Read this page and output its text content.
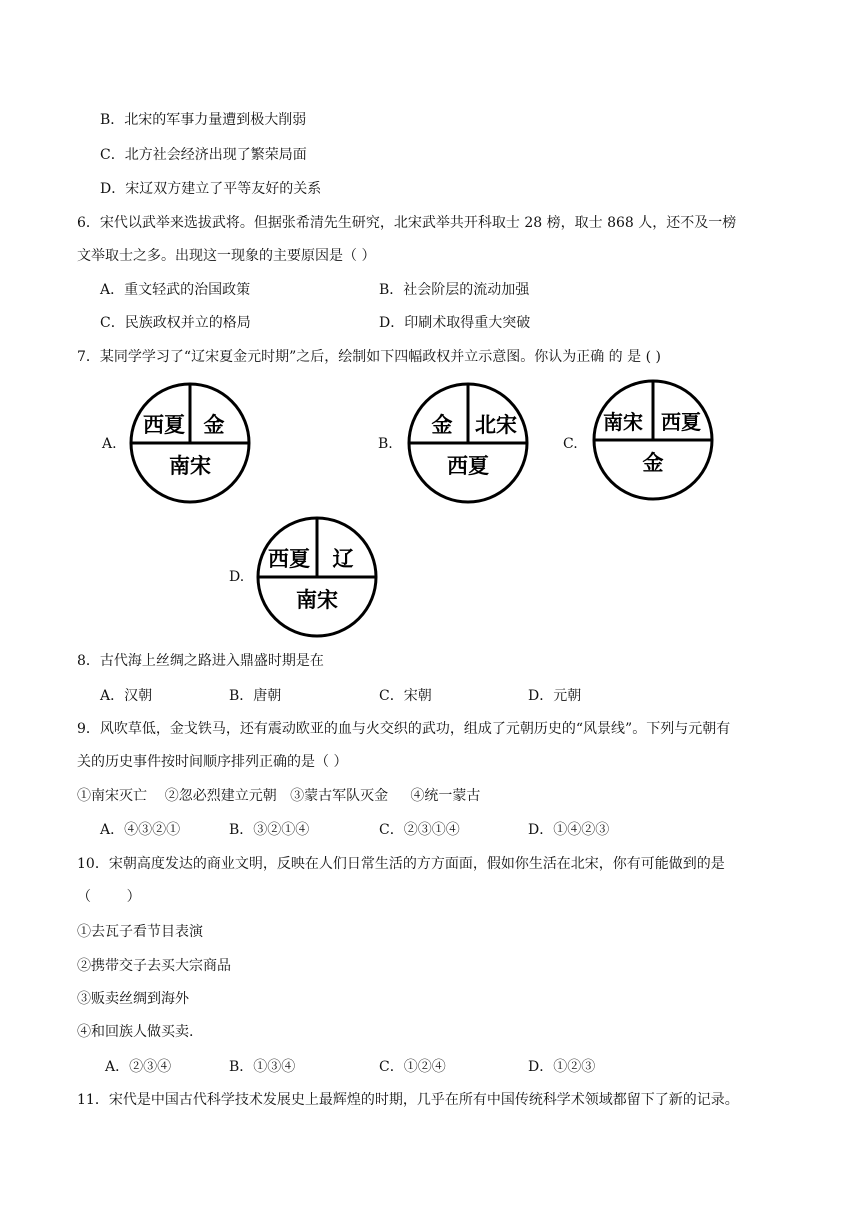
B．北宋的军事力量遭到极大削弱
C．北方社会经济出现了繁荣局面
D．宋辽双方建立了平等友好的关系
6．宋代以武举来选拔武将。但据张希清先生研究，北宋武举共开科取士 28 榜，取士 868 人，还不及一榜
文举取士之多。出现这一现象的主要原因是（ ）
A．重文轻武的治国政策	B．社会阶层的流动加强
C．民族政权并立的格局	D．印刷术取得重大突破
7．某同学学习了“辽宋夏金元时期”之后，绘制如下四幅政权并立示意图。你认为正确 的 是 ( )
A.
西夏 金
南宋
B.
金 北宋
西夏
C.
南宋 西夏
金
D.
西夏 辽
南宋
8．古代海上丝绸之路进入鼎盛时期是在
A．汉朝	B．唐朝	C．宋朝	D．元朝
9．风吹草低，金戈铁马，还有震动欧亚的血与火交织的武功，组成了元朝历史的“风景线”。下列与元朝有
关的历史事件按时间顺序排列正确的是（ ）
①南宋灭亡    ②忽必烈建立元朝   ③蒙古军队灭金     ④统一蒙古
A．④③②①	B．③②①④	C．②③①④	D．①④②③
10．宋朝高度发达的商业文明，反映在人们日常生活的方方面面，假如你生活在北宋，你有可能做到的是
（        ）
①去瓦子看节目表演
②携带交子去买大宗商品
③贩卖丝绸到海外
④和回族人做买卖.
A．②③④	B．①③④	C．①②④	D．①②③
11．宋代是中国古代科学技术发展史上最辉煌的时期，几乎在所有中国传统科学术领域都留下了新的记录。
